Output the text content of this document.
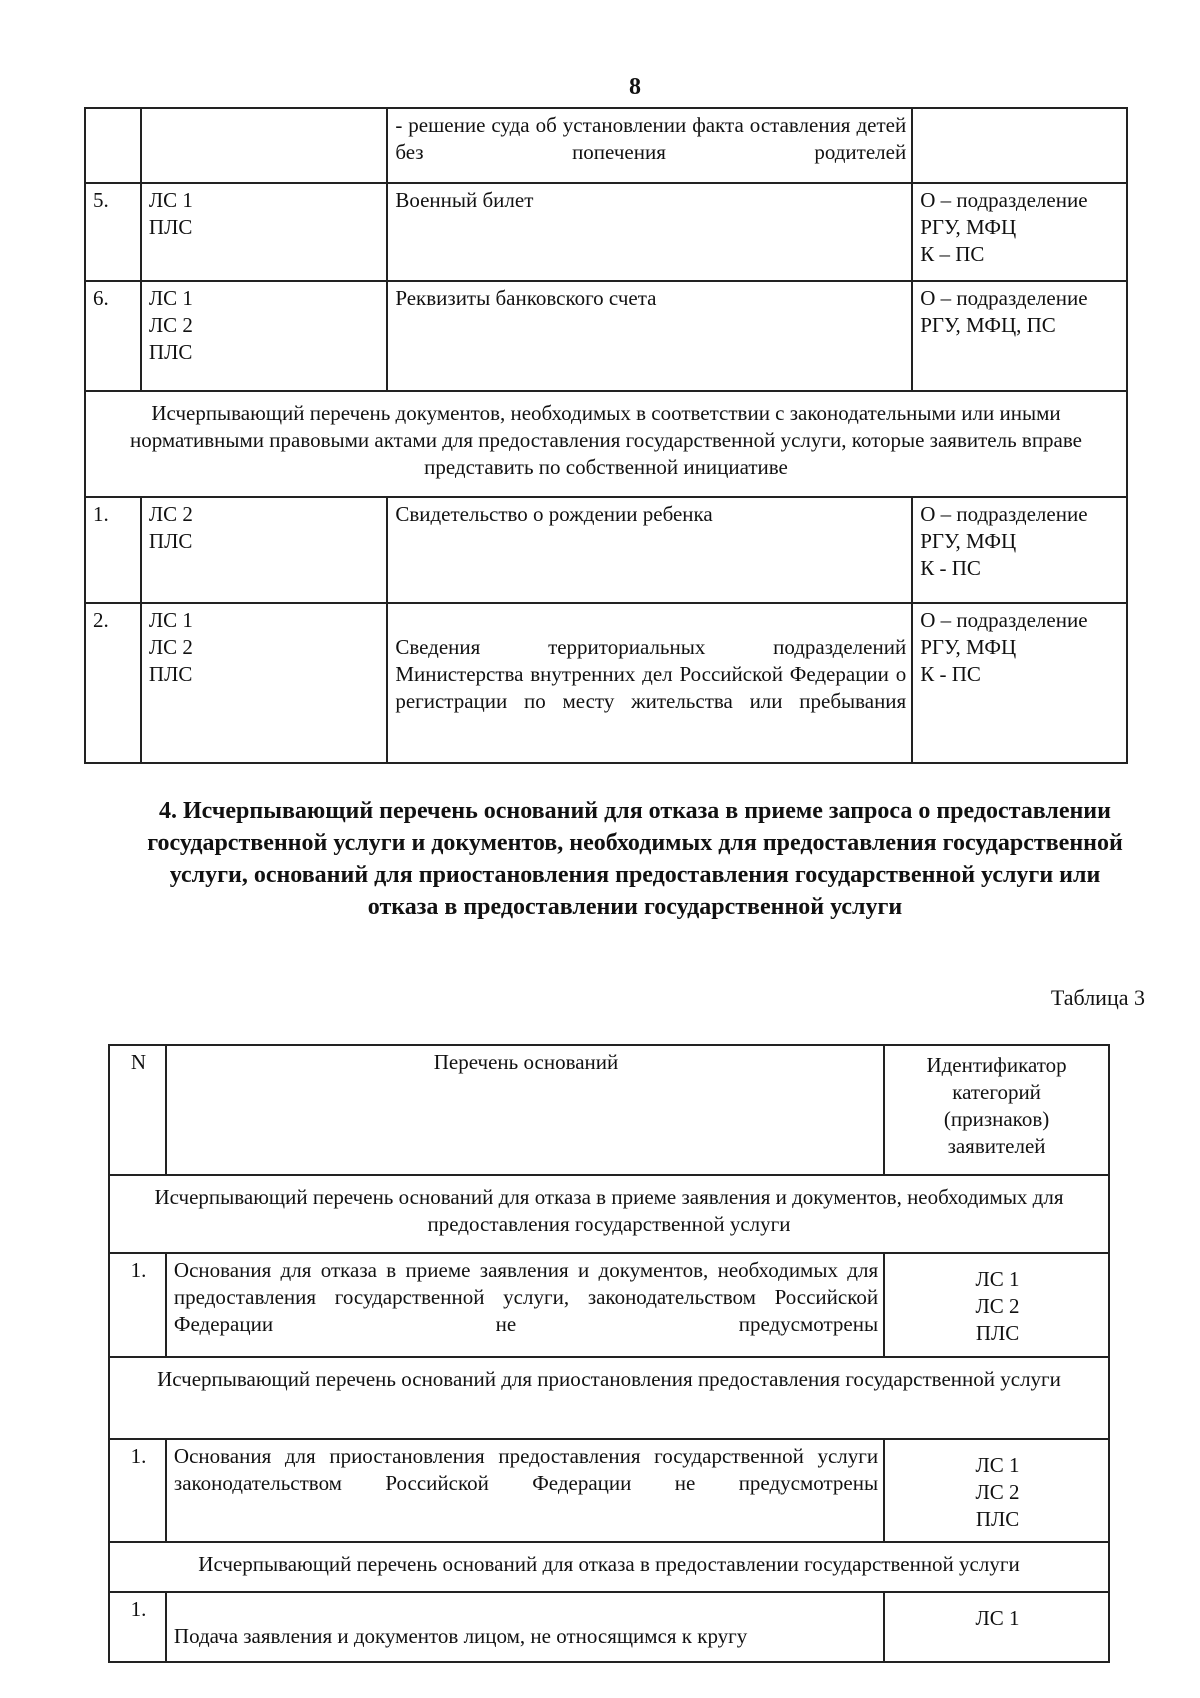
8
		- решение суда об установлении факта оставления детей без попечения родителей	
5.	ЛС 1
ПЛС	Военный билет	О – подразделение РГУ, МФЦ
К – ПС
6.	ЛС 1
ЛС 2
ПЛС	Реквизиты банковского счета	О – подразделение РГУ, МФЦ, ПС
Исчерпывающий перечень документов, необходимых в соответствии с законодательными или иными нормативными правовыми актами для предоставления государственной услуги, которые заявитель вправе представить по собственной инициативе			
1.	ЛС 2
ПЛС	Свидетельство о рождении ребенка	О – подразделение РГУ, МФЦ
К - ПС
2.	ЛС 1
ЛС 2
ПЛС	Сведения территориальных подразделений Министерства внутренних дел Российской Федерации о регистрации по месту жительства или пребывания	О – подразделение РГУ, МФЦ
К - ПС
4. Исчерпывающий перечень оснований для отказа в приеме запроса о предоставлении государственной услуги и документов, необходимых для предоставления государственной услуги, оснований для приостановления предоставления государственной услуги или отказа в предоставлении государственной услуги
Таблица 3
N	Перечень оснований	Идентификатор категорий (признаков) заявителей
Исчерпывающий перечень оснований для отказа в приеме заявления и документов, необходимых для предоставления государственной услуги		
1.	Основания для отказа в приеме заявления и документов, необходимых для предоставления государственной услуги, законодательством Российской Федерации не предусмотрены	ЛС 1
ЛС 2
ПЛС
Исчерпывающий перечень оснований для приостановления предоставления государственной услуги		
1.	Основания для приостановления предоставления государственной услуги законодательством Российской Федерации не предусмотрены	ЛС 1
ЛС 2
ПЛС
Исчерпывающий перечень оснований для отказа в предоставлении государственной услуги		
1.	Подача заявления и документов лицом, не относящимся к кругу	ЛС 1
